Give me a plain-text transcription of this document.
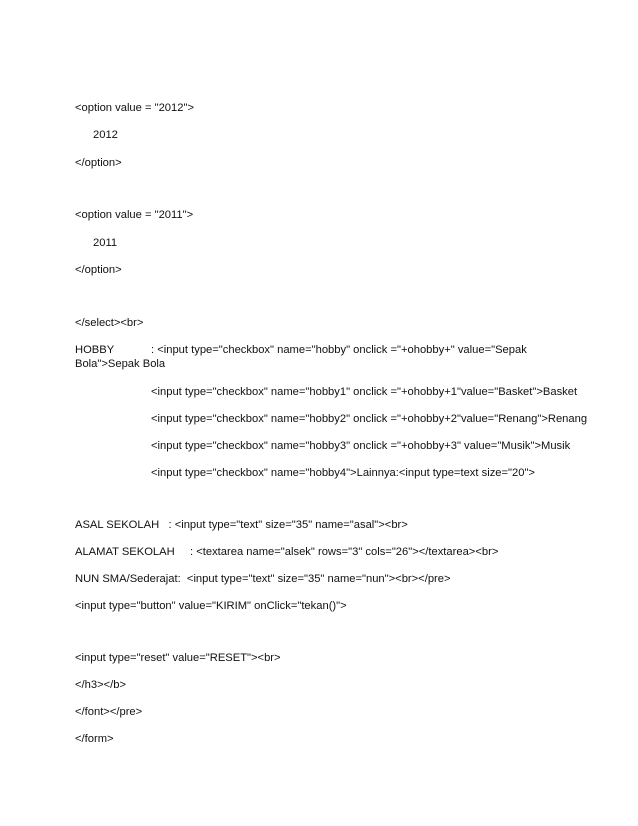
<option value = "2012">
2012
</option>
<option value = "2011">
2011
</option>
</select><br>
HOBBY	: <input type="checkbox" name="hobby" onclick ="+ohobby+" value="Sepak
Bola">Sepak Bola
<input type="checkbox" name="hobby1" onclick ="+ohobby+1"value="Basket">Basket
<input type="checkbox" name="hobby2" onclick ="+ohobby+2"value="Renang">Renang
<input type="checkbox" name="hobby3" onclick ="+ohobby+3" value="Musik">Musik
<input type="checkbox" name="hobby4">Lainnya:<input type=text size="20">
ASAL SEKOLAH   : <input type="text" size="35" name="asal"><br>
ALAMAT SEKOLAH : <textarea name="alsek" rows="3" cols="26"></textarea><br>
NUN SMA/Sederajat:  <input type="text" size="35" name="nun"><br></pre>
<input type="button" value="KIRIM" onClick="tekan()">
<input type="reset" value="RESET"><br>
</h3></b>
</font></pre>
</form>
